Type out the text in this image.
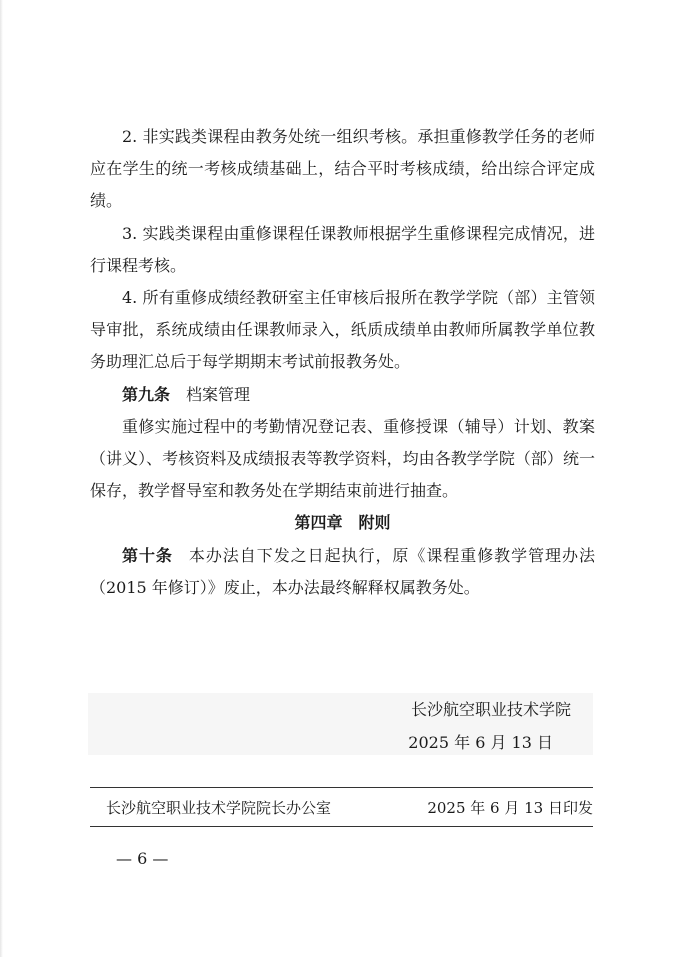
2. 非实践类课程由教务处统一组织考核。承担重修教学任务的老师应在学生的统一考核成绩基础上，结合平时考核成绩，给出综合评定成绩。

3. 实践类课程由重修课程任课教师根据学生重修课程完成情况，进行课程考核。

4. 所有重修成绩经教研室主任审核后报所在教学学院（部）主管领导审批，系统成绩由任课教师录入，纸质成绩单由教师所属教学单位教务助理汇总后于每学期期末考试前报教务处。

第九条 档案管理

重修实施过程中的考勤情况登记表、重修授课（辅导）计划、教案（讲义）、考核资料及成绩报表等教学资料，均由各教学学院（部）统一保存，教学督导室和教务处在学期结束前进行抽查。

第四章　附则

第十条 本办法自下发之日起执行，原《课程重修教学管理办法（2015 年修订）》废止，本办法最终解释权属教务处。

长沙航空职业技术学院
2025 年 6 月 13 日
长沙航空职业技术学院院长办公室	2025 年 6 月 13 日印发
— 6 —
